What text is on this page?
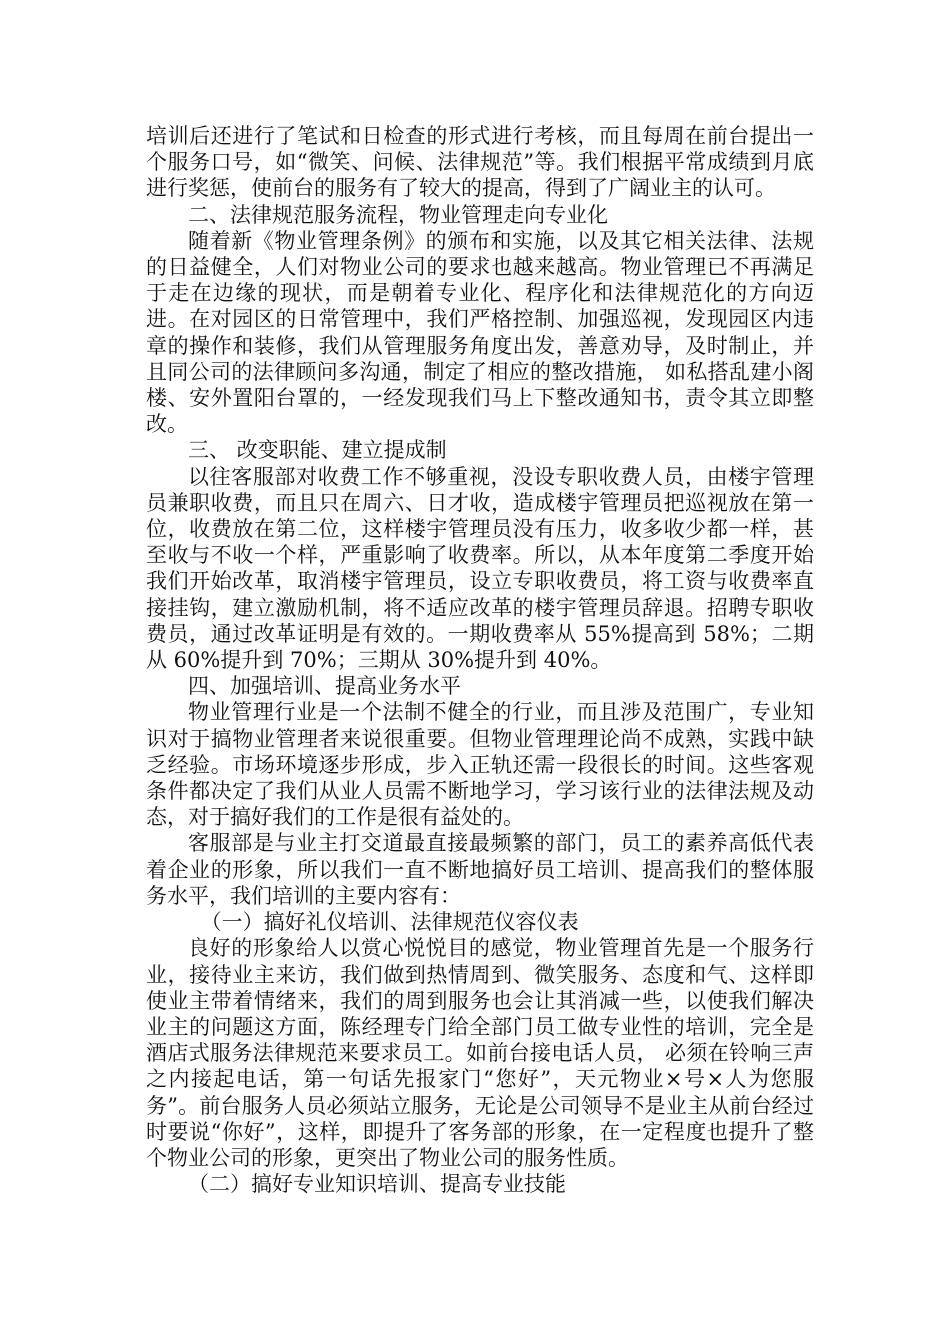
培训后还进行了笔试和日检查的形式进行考核，而且每周在前台提出一个服务口号，如“微笑、问候、法律规范”等。我们根据平常成绩到月底进行奖惩，使前台的服务有了较大的提高，得到了广阔业主的认可。

二、法律规范服务流程，物业管理走向专业化

随着新《物业管理条例》的颁布和实施，以及其它相关法律、法规的日益健全，人们对物业公司的要求也越来越高。物业管理已不再满足于走在边缘的现状，而是朝着专业化、程序化和法律规范化的方向迈进。在对园区的日常管理中，我们严格控制、加强巡视，发现园区内违章的操作和装修，我们从管理服务角度出发，善意劝导，及时制止，并且同公司的法律顾问多沟通，制定了相应的整改措施， 如私搭乱建小阁楼、安外置阳台罩的，一经发现我们马上下整改通知书，责令其立即整改。

三、 改变职能、建立提成制

以往客服部对收费工作不够重视，没设专职收费人员，由楼宇管理员兼职收费，而且只在周六、日才收，造成楼宇管理员把巡视放在第一位，收费放在第二位，这样楼宇管理员没有压力，收多收少都一样，甚至收与不收一个样，严重影响了收费率。所以，从本年度第二季度开始我们开始改革，取消楼宇管理员，设立专职收费员，将工资与收费率直接挂钩，建立激励机制，将不适应改革的楼宇管理员辞退。招聘专职收费员，通过改革证明是有效的。一期收费率从 55%提高到 58%；二期从 60%提升到 70%；三期从 30%提升到 40%。

四、加强培训、提高业务水平

物业管理行业是一个法制不健全的行业，而且涉及范围广，专业知识对于搞物业管理者来说很重要。但物业管理理论尚不成熟，实践中缺乏经验。市场环境逐步形成，步入正轨还需一段很长的时间。这些客观条件都决定了我们从业人员需不断地学习，学习该行业的法律法规及动态，对于搞好我们的工作是很有益处的。

客服部是与业主打交道最直接最频繁的部门，员工的素养高低代表着企业的形象，所以我们一直不断地搞好员工培训、提高我们的整体服务水平，我们培训的主要内容有：

（一）搞好礼仪培训、法律规范仪容仪表

良好的形象给人以赏心悦悦目的感觉，物业管理首先是一个服务行业，接待业主来访，我们做到热情周到、微笑服务、态度和气、这样即使业主带着情绪来，我们的周到服务也会让其消减一些，以使我们解决业主的问题这方面，陈经理专门给全部门员工做专业性的培训，完全是酒店式服务法律规范来要求员工。如前台接电话人员， 必须在铃响三声之内接起电话，第一句话先报家门“您好”，天元物业×号×人为您服务”。前台服务人员必须站立服务，无论是公司领导不是业主从前台经过时要说“你好”，这样，即提升了客务部的形象，在一定程度也提升了整个物业公司的形象，更突出了物业公司的服务性质。

（二）搞好专业知识培训、提高专业技能
